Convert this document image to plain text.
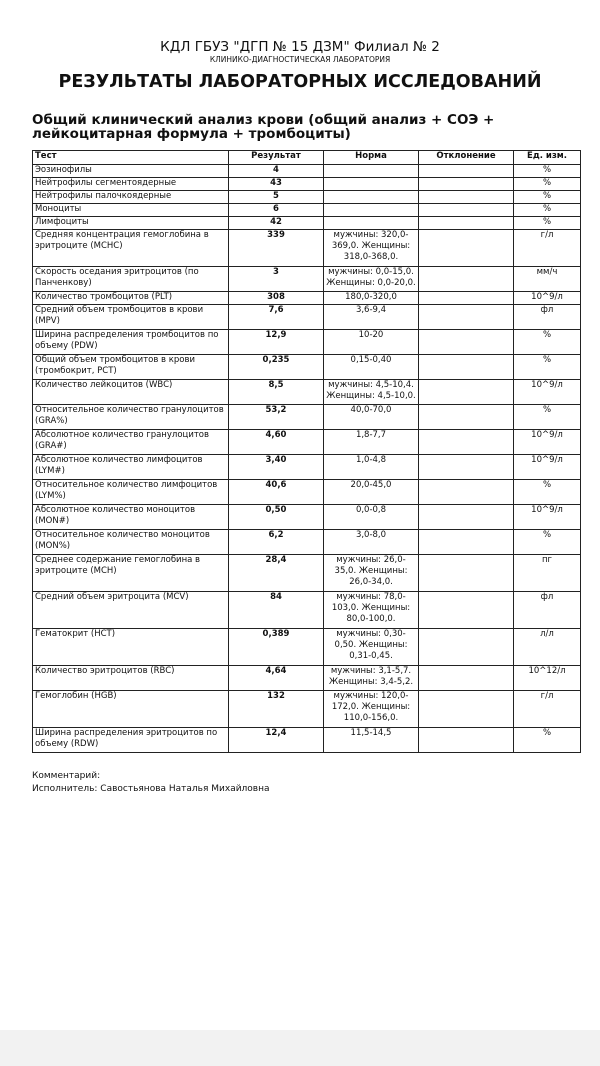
КДЛ ГБУЗ "ДГП № 15 ДЗМ" Филиал № 2
КЛИНИКО-ДИАГНОСТИЧЕСКАЯ ЛАБОРАТОРИЯ
РЕЗУЛЬТАТЫ ЛАБОРАТОРНЫХ ИССЛЕДОВАНИЙ
Общий клинический анализ крови (общий анализ + СОЭ + лейкоцитарная формула + тромбоциты)
Тест	Результат	Норма	Отклонение	Ед. изм.
Эозинофилы	4			%
Нейтрофилы сегментоядерные	43			%
Нейтрофилы палочкоядерные	5			%
Моноциты	6			%
Лимфоциты	42			%
Средняя концентрация гемоглобина в эритроците (MCHC)	339	мужчины: 320,0-369,0. Женщины: 318,0-368,0.		г/л
Скорость оседания эритроцитов (по Панченкову)	3	мужчины: 0,0-15,0. Женщины: 0,0-20,0.		мм/ч
Количество тромбоцитов (PLT)	308	180,0-320,0		10^9/л
Средний объем тромбоцитов в крови (MPV)	7,6	3,6-9,4		фл
Ширина распределения тромбоцитов по объему (PDW)	12,9	10-20		%
Общий объем тромбоцитов в крови (тромбокрит, PCT)	0,235	0,15-0,40		%
Количество лейкоцитов (WBC)	8,5	мужчины: 4,5-10,4. Женщины: 4,5-10,0.		10^9/л
Относительное количество гранулоцитов (GRA%)	53,2	40,0-70,0		%
Абсолютное количество гранулоцитов (GRA#)	4,60	1,8-7,7		10^9/л
Абсолютное количество лимфоцитов (LYM#)	3,40	1,0-4,8		10^9/л
Относительное количество лимфоцитов (LYM%)	40,6	20,0-45,0		%
Абсолютное количество моноцитов (MON#)	0,50	0,0-0,8		10^9/л
Относительное количество моноцитов (MON%)	6,2	3,0-8,0		%
Среднее содержание гемоглобина в эритроците (MCH)	28,4	мужчины: 26,0-35,0. Женщины: 26,0-34,0.		пг
Средний объем эритроцита (MCV)	84	мужчины: 78,0-103,0. Женщины: 80,0-100,0.		фл
Гематокрит (HCT)	0,389	мужчины: 0,30-0,50. Женщины: 0,31-0,45.		л/л
Количество эритроцитов (RBC)	4,64	мужчины: 3,1-5,7. Женщины: 3,4-5,2.		10^12/л
Гемоглобин (HGB)	132	мужчины: 120,0-172,0. Женщины: 110,0-156,0.		г/л
Ширина распределения эритроцитов по объему (RDW)	12,4	11,5-14,5		%
Комментарий:
Исполнитель: Савостьянова Наталья Михайловна
